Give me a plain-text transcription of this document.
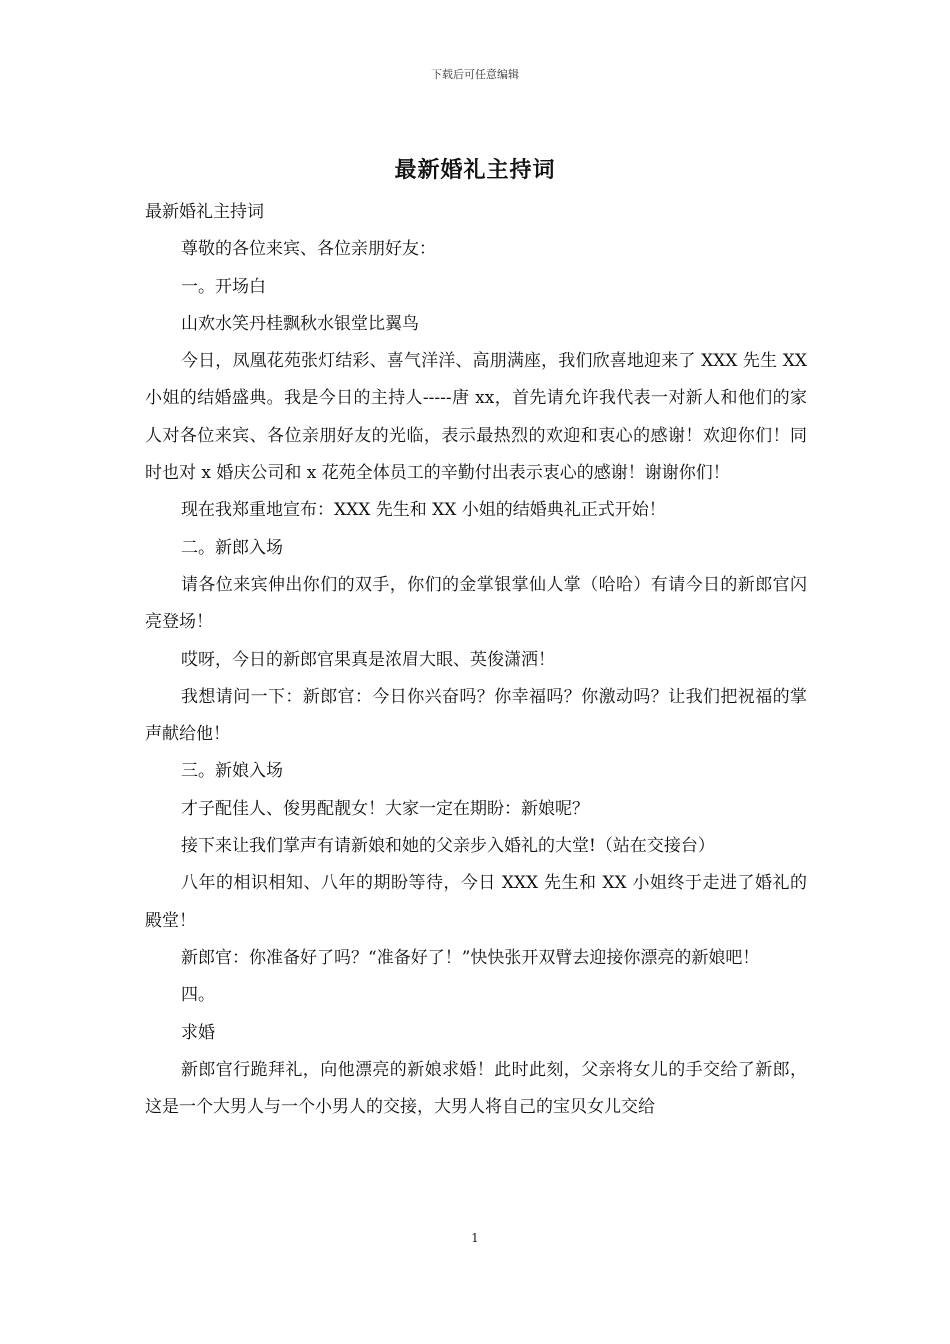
下载后可任意编辑
最新婚礼主持词

最新婚礼主持词

尊敬的各位来宾、各位亲朋好友：

一。开场白

山欢水笑丹桂飘秋水银堂比翼鸟

今日，凤凰花苑张灯结彩、喜气洋洋、高朋满座，我们欣喜地迎来了 XXX 先生 XX 小姐的结婚盛典。我是今日的主持人-----唐 xx，首先请允许我代表一对新人和他们的家人对各位来宾、各位亲朋好友的光临，表示最热烈的欢迎和衷心的感谢！欢迎你们！同时也对 x 婚庆公司和 x 花苑全体员工的辛勤付出表示衷心的感谢！谢谢你们！

现在我郑重地宣布：XXX 先生和 XX 小姐的结婚典礼正式开始！

二。新郎入场

请各位来宾伸出你们的双手，你们的金掌银掌仙人掌（哈哈）有请今日的新郎官闪亮登场！

哎呀，今日的新郎官果真是浓眉大眼、英俊潇洒！

我想请问一下：新郎官：今日你兴奋吗？你幸福吗？你激动吗？让我们把祝福的掌声献给他！

三。新娘入场

才子配佳人、俊男配靓女！大家一定在期盼：新娘呢？

接下来让我们掌声有请新娘和她的父亲步入婚礼的大堂!（站在交接台）

八年的相识相知、八年的期盼等待，今日 XXX 先生和 XX 小姐终于走进了婚礼的殿堂！

新郎官：你准备好了吗？“准备好了！”快快张开双臂去迎接你漂亮的新娘吧！

四。

求婚

新郎官行跪拜礼，向他漂亮的新娘求婚！此时此刻，父亲将女儿的手交给了新郎，这是一个大男人与一个小男人的交接，大男人将自己的宝贝女儿交给

1
